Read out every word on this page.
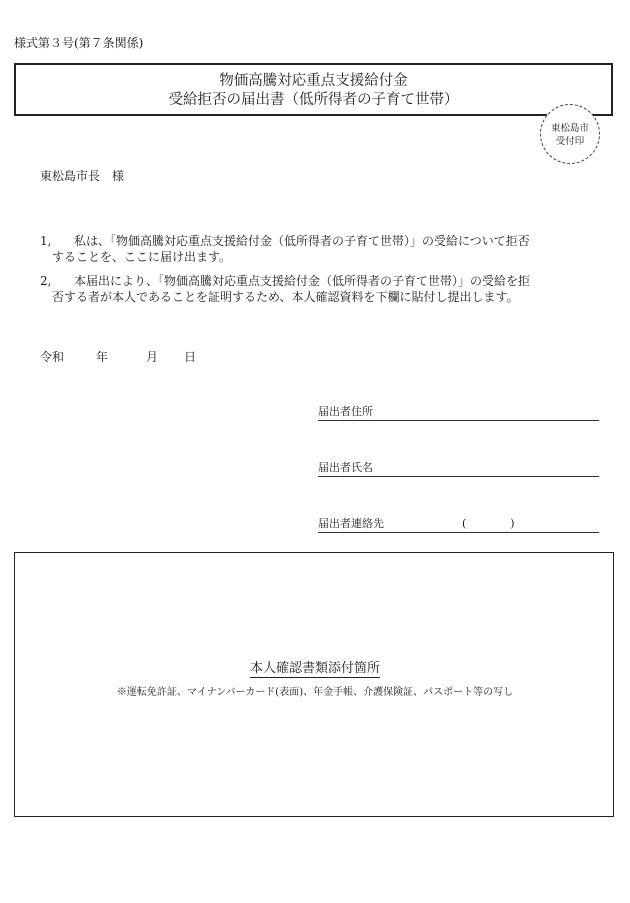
様式第３号(第７条関係)
物価高騰対応重点支援給付金
受給拒否の届出書（低所得者の子育て世帯）
東松島市
受付印
東松島市長　様
1, 私は、「物価高騰対応重点支援給付金（低所得者の子育て世帯）」の受給について拒否
することを、ここに届け出ます。
2, 本届出により、「物価高騰対応重点支援給付金（低所得者の子育て世帯）」の受給を拒
否する者が本人であることを証明するため、本人確認資料を下欄に貼付し提出します。
令和	年	月 日
届出者住所
届出者氏名
届出者連絡先	(　　　　)
本人確認書類添付箇所
※運転免許証、マイナンバーカード(表面)、年金手帳、介護保険証、パスポート等の写し
